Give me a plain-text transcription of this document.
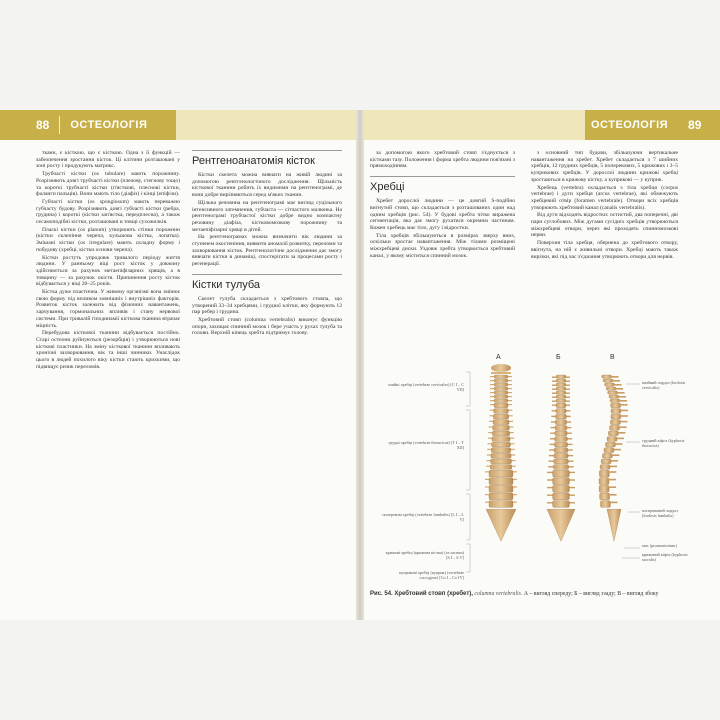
88	ОСТЕОЛОГІЯ	ОСТЕОЛОГІЯ	89

ткани, є кісткою, що є кісткою. Одна з її функцій — забезпечення зростання кісток. Ці клітини розташовані у зоні росту і продукують матрикс.

Трубчасті кістки (os tubulare) мають порожнину. Розрізняють довгі трубчасті кістки (плечову, стегнову тощо) та короткі трубчасті кістки (п'ясткові, плеснові кістки, фаланги пальців). Вони мають тіло (діафіз) і кінці (епіфізи).

Губчасті кістки (os spongiosum) мають переважно губчасту будову. Розрізняють довгі губчасті кістки (ребра, грудина) і короткі (кістки зап'ястка, передплесна), а також сесамоподібні кістки, розташовані в товщі сухожилків.

Пласкі кістки (os planum) утворюють стінки порожнин (кістки склепіння черепа, кульшова кістка, лопатка). Змішані кістки (os irregulare) мають складну форму і побудову (хребці, кістки основи черепа).

Кістки ростуть упродовж тривалого періоду життя людини. У ранньому віці рост кісток у довжину здійснюється за рахунок метаепіфізарних хрящів, а в товщину — за рахунок окістя. Припинення росту кісток відбувається у віці 20–25 років.

Кістка дуже пластична. У живому організмі вона змінює свою форму під впливом зовнішніх і внутрішніх факторів. Розвиток кісток залежить від фізичних навантажень, харчування, гормональних впливів і стану нервової системи. При тривалій гіподинамії кісткова тканина втрачає міцність.

Перебудова кісткової тканини відбувається постійно. Старі остеони руйнуються (резорбція) і утворюються нові кісткові пластинки. На зміну кісткової тканини впливають хронічні захворювання, вік та інші чинники. Унаслідок цього в людей похилого віку кістки стають крихкими, що підвищує ризик переломів.

Рентгеноанатомія кісток

Кістки скелета можна вивчати на живій людині за допомогою рентгенологічного дослідження. Щільність кісткової тканини робить їх видимими на рентгенограмі, де вони добре вирізняються серед м'яких тканин.

Щільна речовина на рентгенограмі має вигляд суцільного інтенсивного затемнення, губчаста — сітчастого малюнка. На рентгенограмі трубчастої кістки добре видно компактну речовину діафіза, кістковомозкову порожнину та метаепіфізарні хрящі в дітей.

На рентгенограмах можна визначити вік людини за ступенем окостеніння, виявити аномалії розвитку, переломи та захворювання кісток. Рентгенологічне дослідження дає змогу вивчати кістки в динаміці, спостерігати за процесами росту і регенерації.

Кістки тулуба

Скелет тулуба складається з хребтового стовпа, що утворений 33–34 хребцями, і грудної клітки, яку формують 12 пар ребер і грудина.

Хребтовий стовп (columna vertebralis) виконує функцію опори, захищає спинний мозок і бере участь у рухах тулуба та голови. Верхній кінець хребта підтримує голову.

за допомогою якого хребтовий стовп з'єднується з кістками тазу. Положення і форма хребта людини пов'язані з прямоходінням.

Хребці

Хребет дорослої людини — це довгий S-подібно вигнутий стовп, що складається з розташованих один над одним хребців (рис. 54). У будові хребта чітко виражена сегментація, яка дає змогу рухатися окремим частинам. Кожен хребець має тіло, дугу і відростки.

Тіла хребців збільшуються в розмірах зверху вниз, оскільки зростає навантаження. Між тілами розміщені міжхребцеві диски. Уздовж хребта утворюється хребтовий канал, у якому міститься спинний мозок.

з основний тип будови, збільшуючи вертикальне навантаження на хребет. Хребет складається з 7 шийних хребців, 12 грудних хребців, 5 поперекових, 5 крижових і 3–5 куприкових хребців. У дорослої людини крижові хребці зростаються в крижову кістку, а куприкові — у куприк.

Хребець (vertebra) складається з тіла хребця (corpus vertebrae) і дуги хребця (arcus vertebrae), які обмежують хребцевий отвір (foramen vertebrale). Отвори всіх хребців утворюють хребтовий канал (canalis vertebralis).

Від дуги відходять відростки: остистий, два поперечні, дві пари суглобових. Між дугами сусідніх хребців утворюються міжхребцеві отвори, через які проходять спинномозкові нерви.

Поверхня тіла хребця, обернена до хребтового отвору, ввігнута, на ній є живильні отвори. Хребці мають також вирізки, які під час з'єднання утворюють отвори для нервів.

А	Б	В
шийні хребці (vertebrae cervicales) [C I – C VII]
грудні хребці (vertebrae thoracicae) [T I – T XII]
поперекові хребці (vertebrae lumbales) [L I – L V]
крижові хребці (крижова кістка) (os sacrum) [S I – S V]
куприкові хребці (куприк) (vertebrae coccygeae) [Co I – Co IV]
шийний лордоз (lordosis cervicalis)
грудний кіфоз (kyphosis thoracica)
поперековий лордоз (lordosis lumbalis)
крижовий кіфоз (kyphosis sacralis)
мис (promontorium)
Рис. 54. Хребтовий стовп (хребет), columna vertebralis. А – вигляд спереду; Б – вигляд ззаду; В – вигляд збоку
